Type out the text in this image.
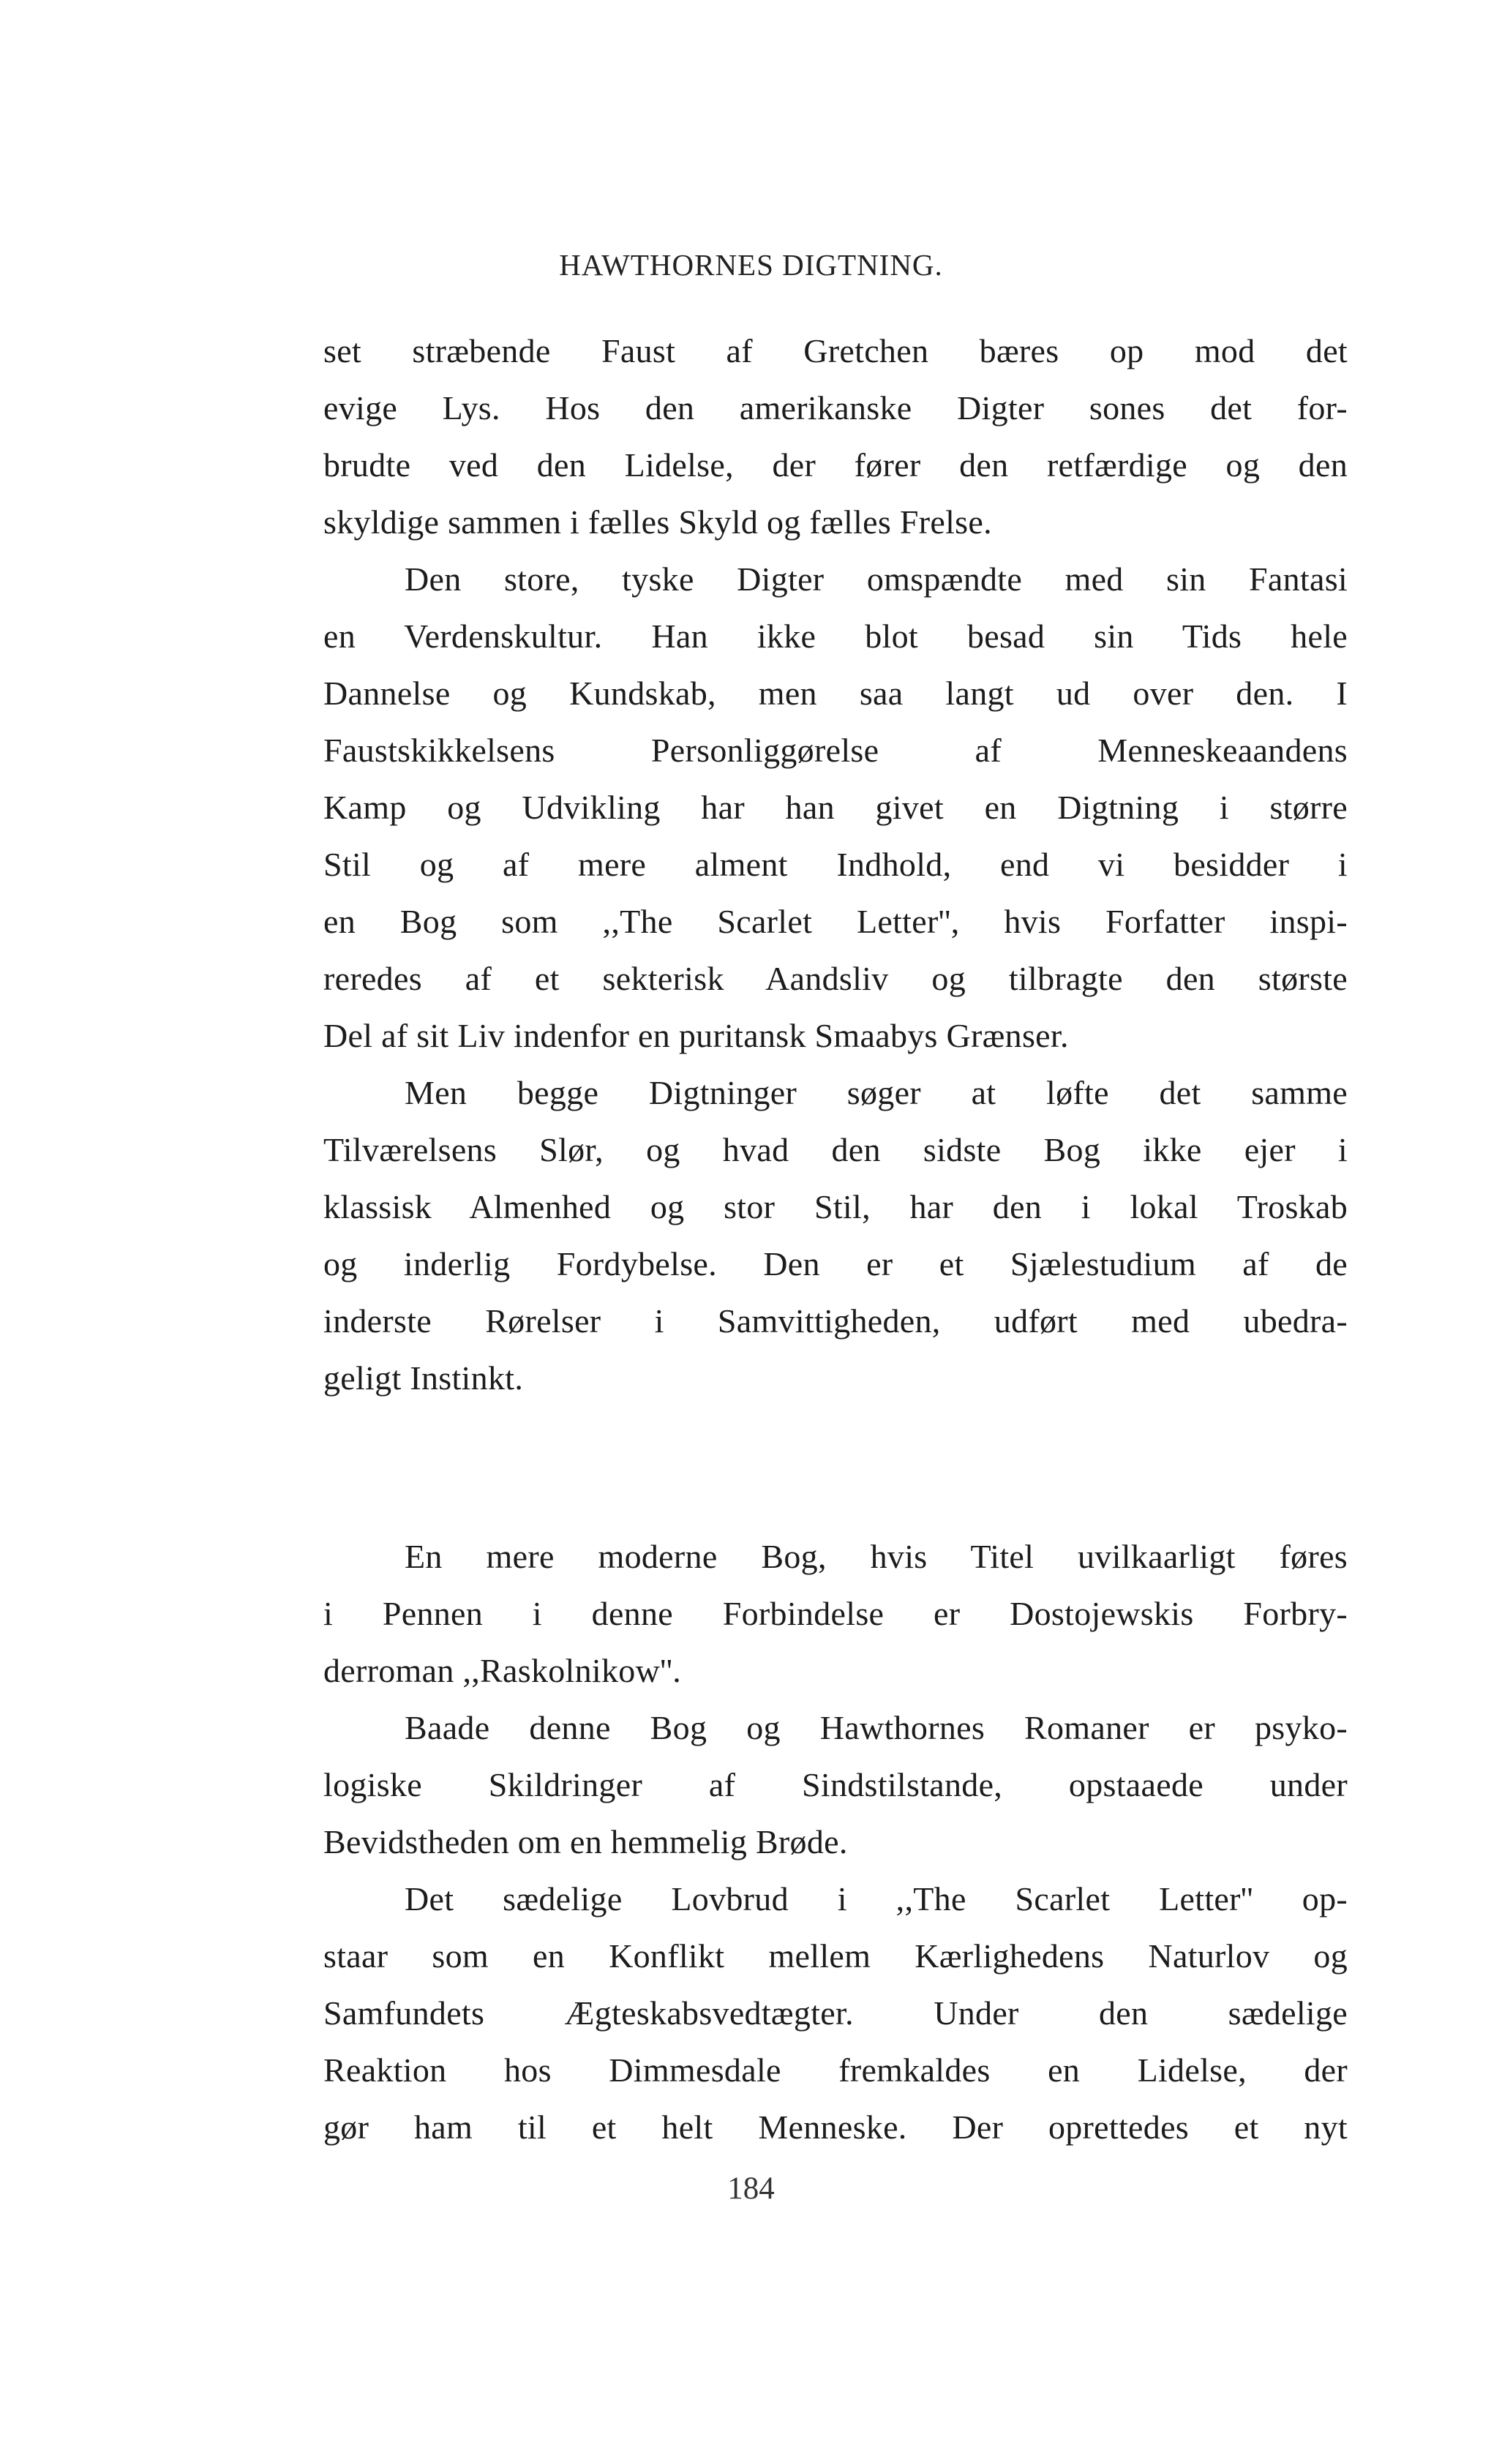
HAWTHORNES DIGTNING.
set stræbende Faust af Gretchen bæres op mod det
evige Lys. Hos den amerikanske Digter sones det for-
brudte ved den Lidelse, der fører den retfærdige og den
skyldige sammen i fælles Skyld og fælles Frelse.
Den store, tyske Digter omspændte med sin Fantasi
en Verdenskultur. Han ikke blot besad sin Tids hele
Dannelse og Kundskab, men saa langt ud over den. I
Faustskikkelsens Personliggørelse af Menneskeaandens
Kamp og Udvikling har han givet en Digtning i større
Stil og af mere alment Indhold, end vi besidder i
en Bog som ,,The Scarlet Letter'', hvis Forfatter inspi-
reredes af et sekterisk Aandsliv og tilbragte den største
Del af sit Liv indenfor en puritansk Smaabys Grænser.
Men begge Digtninger søger at løfte det samme
Tilværelsens Slør, og hvad den sidste Bog ikke ejer i
klassisk Almenhed og stor Stil, har den i lokal Troskab
og inderlig Fordybelse. Den er et Sjælestudium af de
inderste Rørelser i Samvittigheden, udført med ubedra-
geligt Instinkt.
En mere moderne Bog, hvis Titel uvilkaarligt føres
i Pennen i denne Forbindelse er Dostojewskis Forbry-
derroman ,,Raskolnikow''.
Baade denne Bog og Hawthornes Romaner er psyko-
logiske Skildringer af Sindstilstande, opstaaede under
Bevidstheden om en hemmelig Brøde.
Det sædelige Lovbrud i ,,The Scarlet Letter'' op-
staar som en Konflikt mellem Kærlighedens Naturlov og
Samfundets Ægteskabsvedtægter. Under den sædelige
Reaktion hos Dimmesdale fremkaldes en Lidelse, der
gør ham til et helt Menneske. Der oprettedes et nyt
184
